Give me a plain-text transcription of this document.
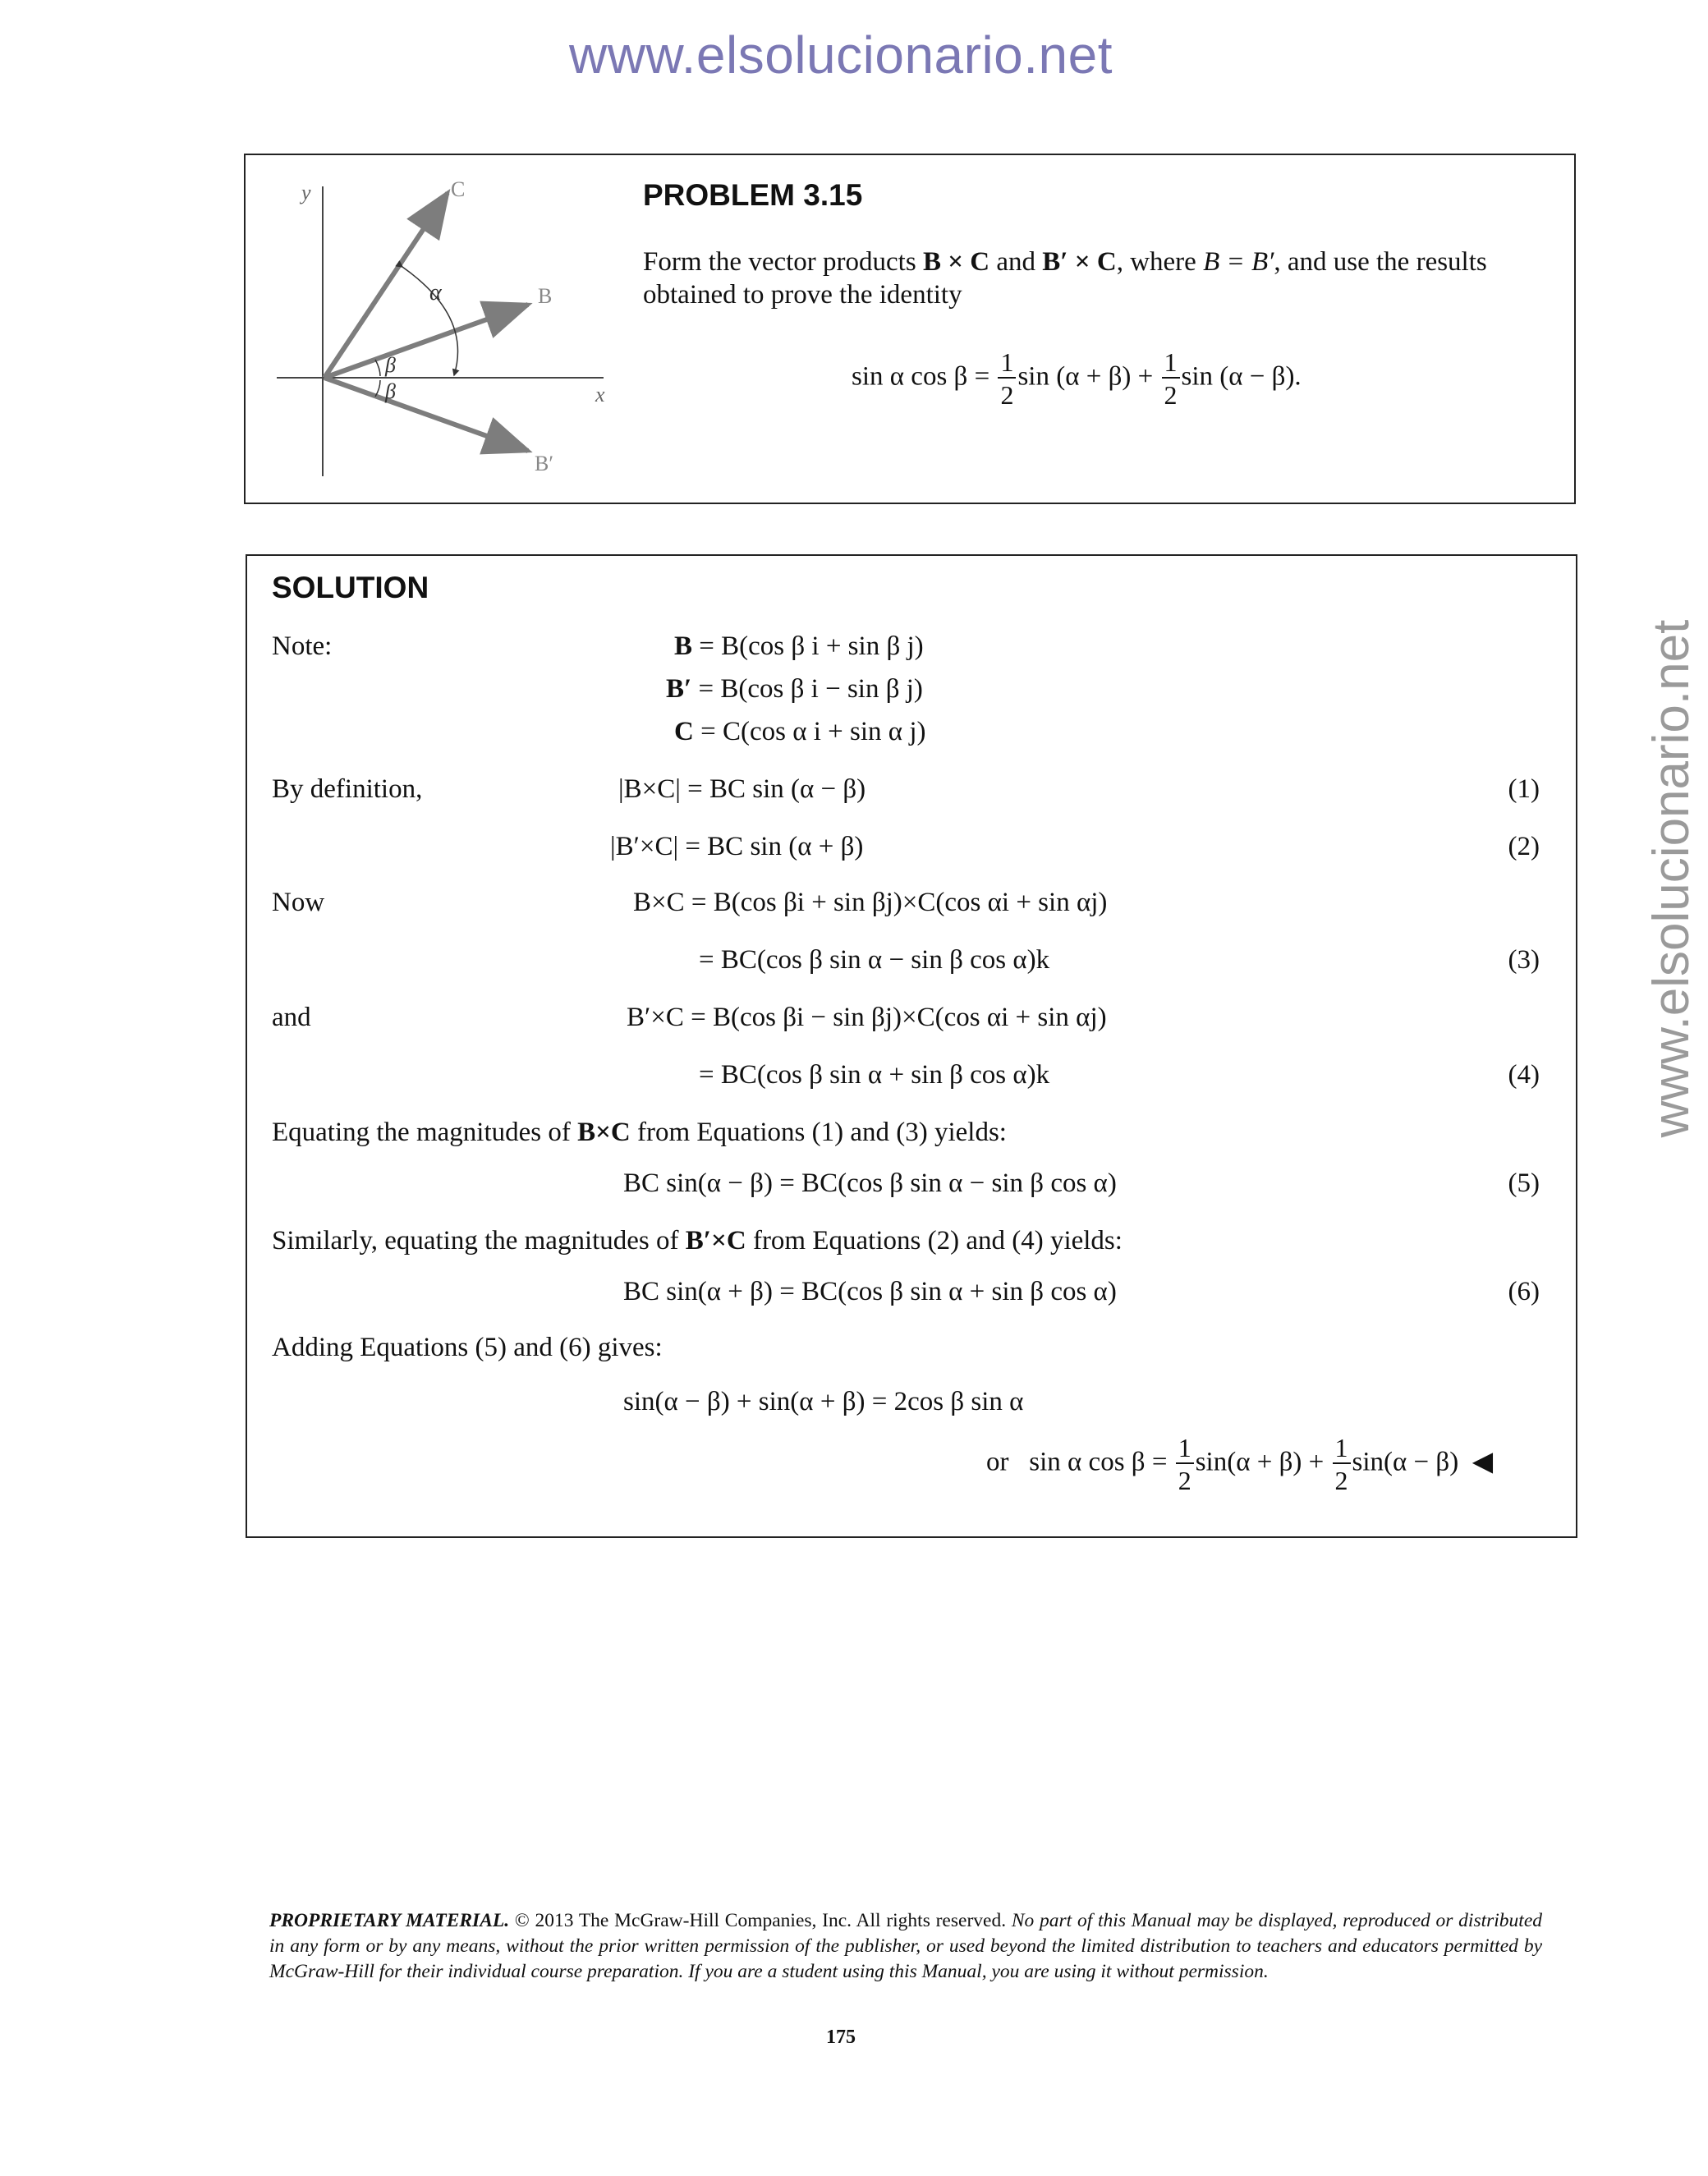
www.elsolucionario.net
www.elsolucionario.net
y
x
C
B
B′
α
β
β
PROBLEM 3.15
Form the vector products B × C and B′ × C, where B = B′, and use the results
obtained to prove the identity
sin α $\cos \beta = \frac{1}{2}$ $\sin (\alpha + \beta) + \frac{1}{2}$ sin (α − β).
SOLUTION
Note:	B = B(cos β i + sin β j)
B′ = B(cos β i − sin β j)
C = C(cos α i + sin α j)
By definition,	|B×C| = BC sin (α − β)	(1)
|B′×C| = BC sin (α + β)	(2)
Now	B×C = B(cos βi + sin βj)×C(cos αi + sin αj)
= BC(cos β sin α − sin β cos α)k	(3)
and	B′×C = B(cos βi − sin βj)×C(cos αi + sin αj)
= BC(cos β sin α + sin β cos α)k	(4)
Equating the magnitudes of B×C from Equations (1) and (3) yields:
BC sin(α − β) = BC(cos β sin α − sin β cos α)	(5)
Similarly, equating the magnitudes of B′×C from Equations (2) and (4) yields:
BC sin(α + β) = BC(cos β sin α + sin β cos α)	(6)
Adding Equations (5) and (6) gives:
sin(α − β) + sin(α + β) = 2cos β sin α
or sin α $\cos \beta = \frac{1}{2} \sin(\alpha + \beta) + \frac{1}{2} \sin(\alpha - \beta)$ ◀
PROPRIETARY MATERIAL. © 2013 The McGraw-Hill Companies, Inc. All rights reserved. No part of this Manual may be displayed, reproduced or distributed in any form or by any means, without the prior written permission of the publisher, or used beyond the limited distribution to teachers and educators permitted by McGraw-Hill for their individual course preparation. If you are a student using this Manual, you are using it without permission.
175
